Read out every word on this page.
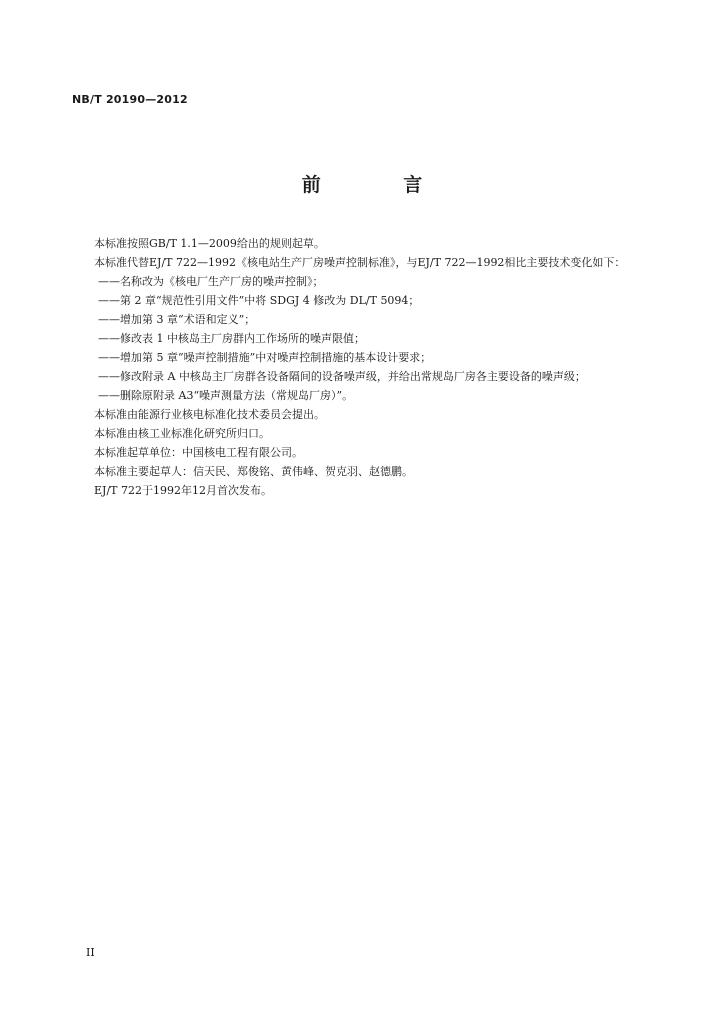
NB/T 20190—2012
前 言

本标准按照GB/T 1.1—2009给出的规则起草。

本标准代替EJ/T 722—1992《核电站生产厂房噪声控制标准》，与EJ/T 722—1992相比主要技术变化如下：

——名称改为《核电厂生产厂房的噪声控制》；

——第 2 章“规范性引用文件”中将 SDGJ 4 修改为 DL/T 5094；

——增加第 3 章“术语和定义”；

——修改表 1 中核岛主厂房群内工作场所的噪声限值；

——增加第 5 章“噪声控制措施”中对噪声控制措施的基本设计要求；

——修改附录 A 中核岛主厂房群各设备隔间的设备噪声级，并给出常规岛厂房各主要设备的噪声级；

——删除原附录 A3“噪声测量方法（常规岛厂房）”。

本标准由能源行业核电标准化技术委员会提出。

本标准由核工业标准化研究所归口。

本标准起草单位：中国核电工程有限公司。

本标准主要起草人：信天民、郑俊铭、黄伟峰、贺克羽、赵德鹏。

EJ/T 722于1992年12月首次发布。

II
